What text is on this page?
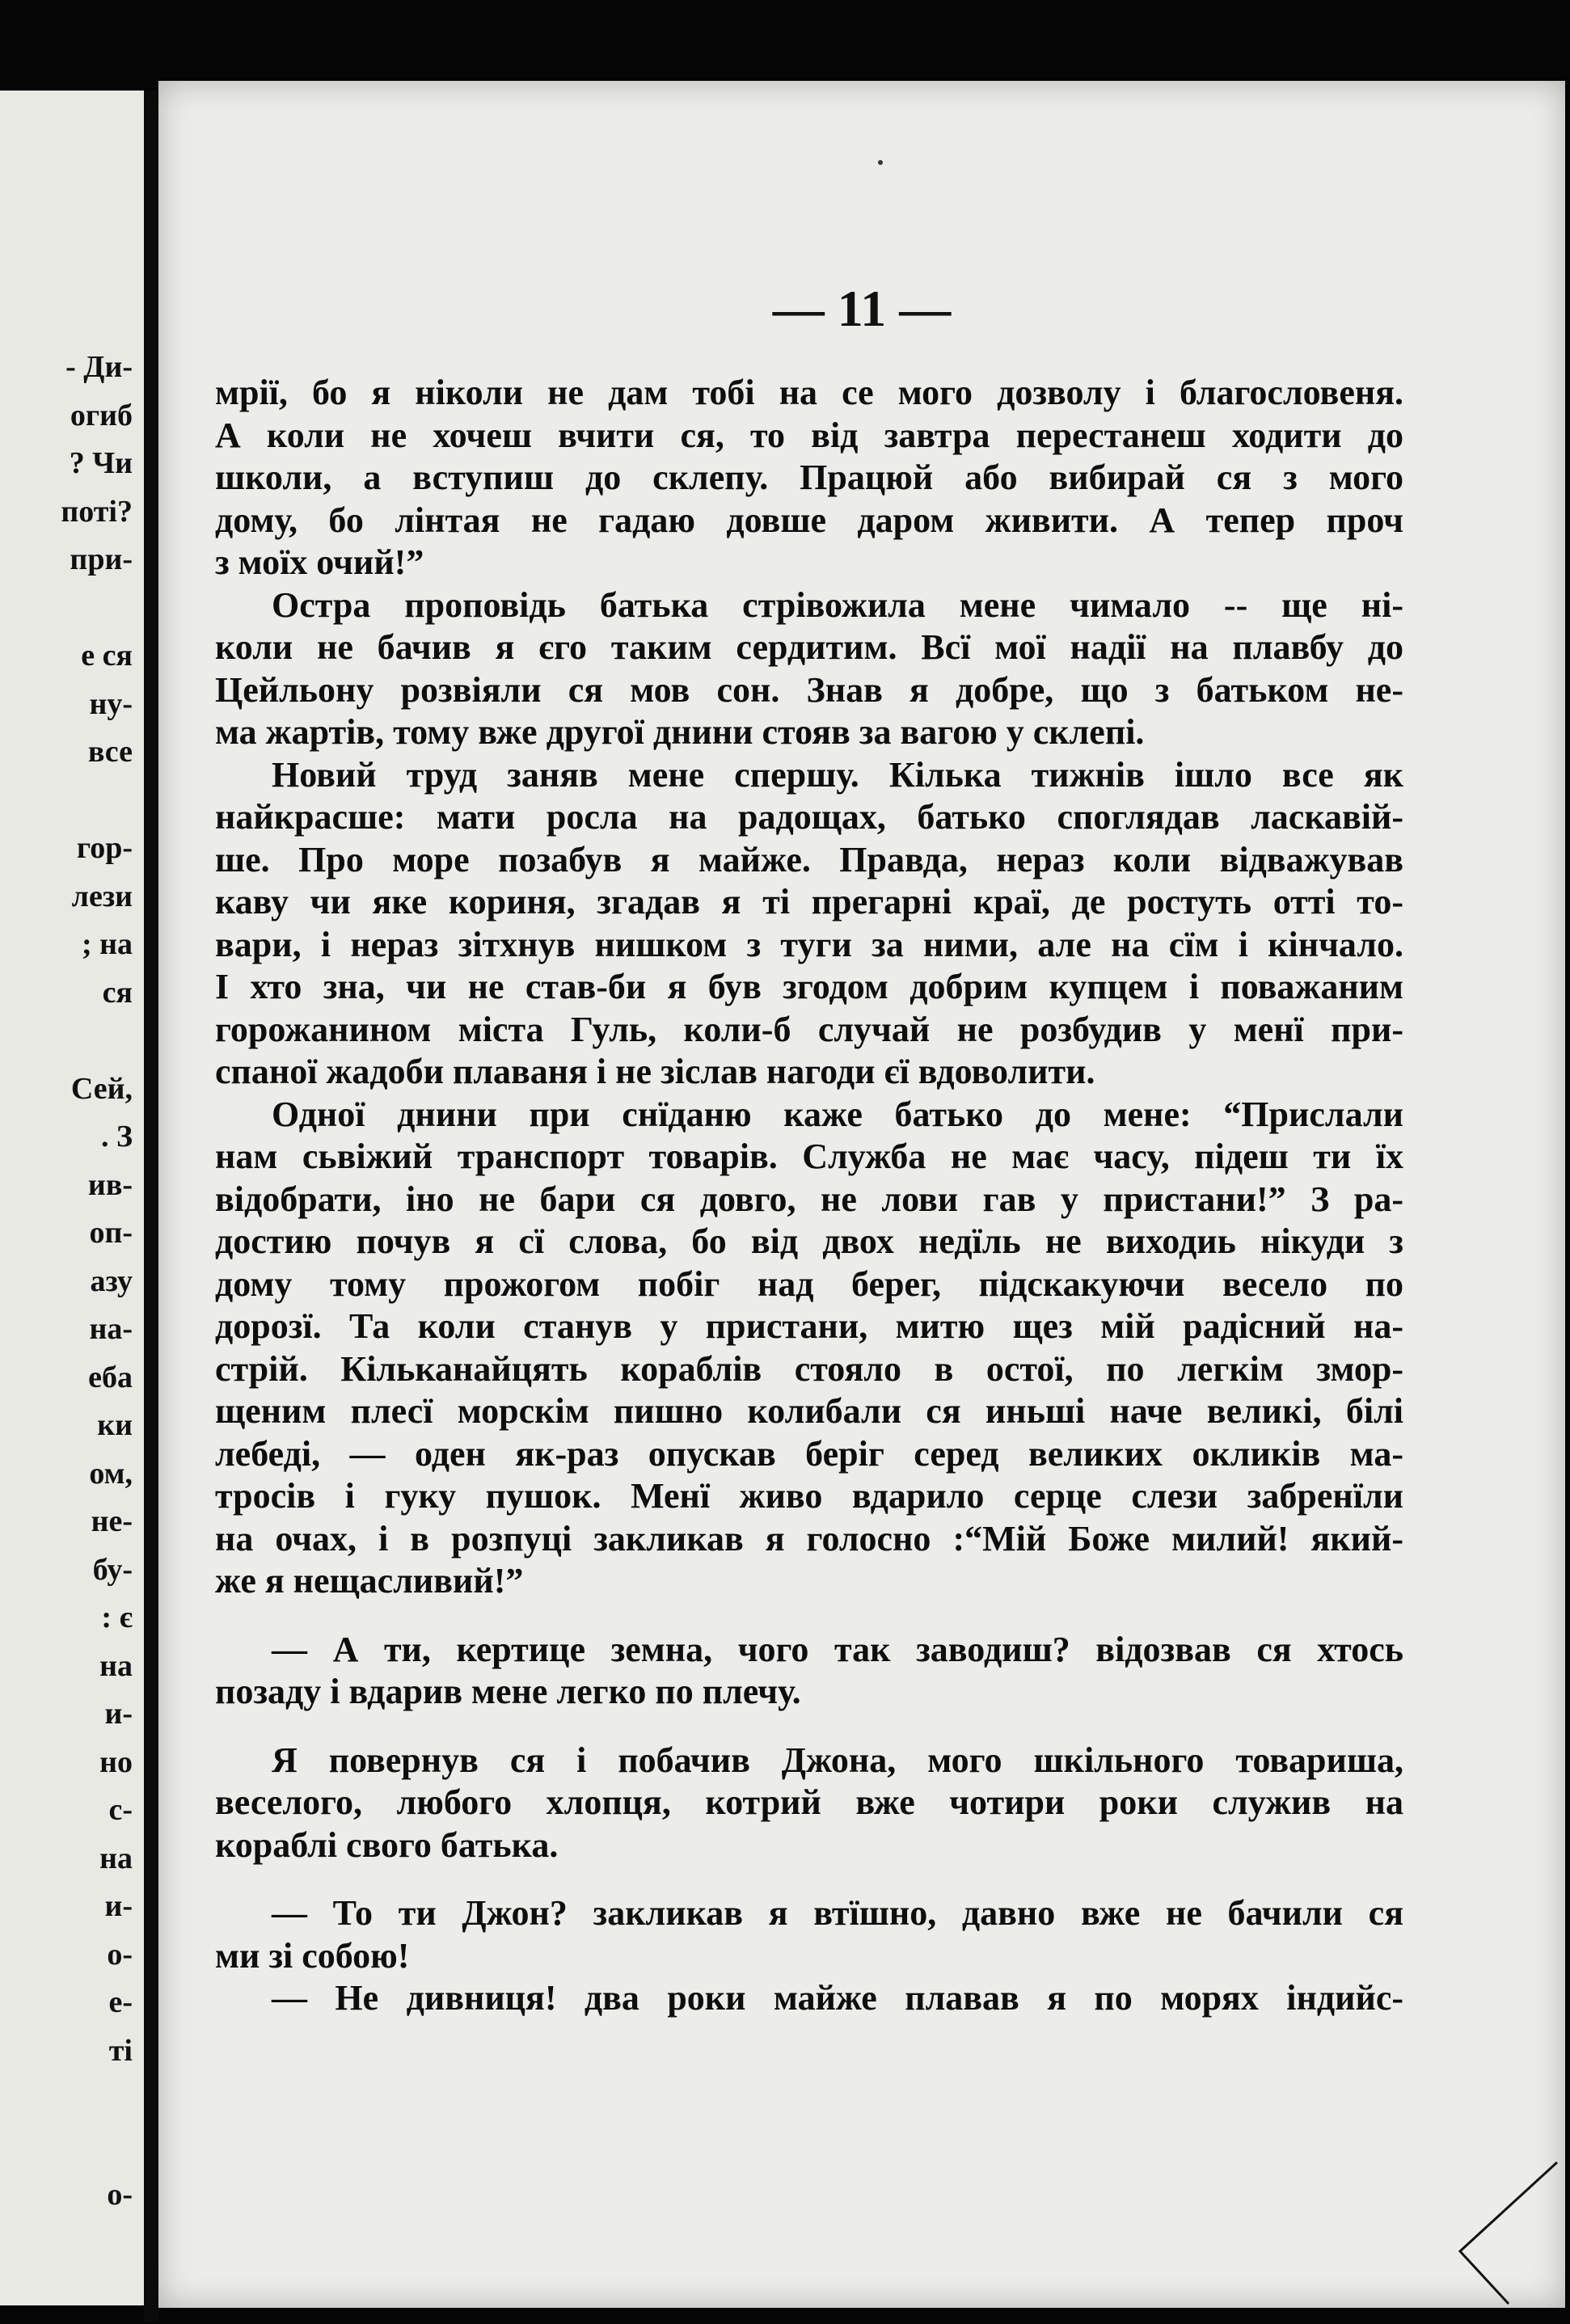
- Ди-
огиб
? Чи
поті?
при-
е ся
ну-
все
гор-
лези
; на
ся
Сей,
. З
ив-
оп-
азу
на-
еба
ки
ом,
не-
бу-
: є
на
и-
но
с-
на
и-
о-
е-
ті
о-
— 11 —
мрії, бо я ніколи не дам тобі на се мого дозволу і благословеня.
А коли не хочеш вчити ся, то від завтра перестанеш ходити до
школи, а вступиш до склепу. Працюй або вибирай ся з мого
дому, бо лінтая не гадаю довше даром живити. А тепер проч
з моїх очий!”
Остра проповідь батька стрівожила мене чимало -- ще ні-
коли не бачив я єго таким сердитим. Всї мої надії на плавбу до
Цейльону розвіяли ся мов сон. Знав я добре, що з батьком не-
ма жартів, тому вже другої днини стояв за вагою у склепі.
Новий труд заняв мене спершу. Кілька тижнів ішло все як
найкрасше: мати росла на радощах, батько споглядав ласкавій-
ше. Про море позабув я майже. Правда, нераз коли відважував
каву чи яке кориня, згадав я ті прегарні краї, де ростуть отті то-
вари, і нераз зітхнув нишком з туги за ними, але на сїм і кінчало.
І хто зна, чи не став-би я був згодом добрим купцем і поважаним
горожанином міста Гуль, коли-б случай не розбудив у менї при-
спаної жадоби плаваня і не зіслав нагоди єї вдоволити.
Одної днини при снїданю каже батько до мене: “Прислали
нам сьвіжий транспорт товарів. Служба не має часу, підеш ти їх
відобрати, іно не бари ся довго, не лови гав у пристани!” З ра-
достию почув я сї слова, бо від двох недїль не виходиь нікуди з
дому тому прожогом побіг над берег, підскакуючи весело по
дорозї. Та коли станув у пристани, митю щез мій радісний на-
стрій. Кільканайцять кораблів стояло в остої, по легкім змор-
щеним плесї морскім пишно колибали ся иньші наче великі, білі
лебеді, — оден як-раз опускав беріг серед великих окликів ма-
тросів і гуку пушок. Менї живо вдарило серце слези забренїли
на очах, і в розпуці закликав я голосно :“Мій Боже милий! який-
же я нещасливий!”
— А ти, кертице земна, чого так заводиш? відозвав ся хтось
позаду і вдарив мене легко по плечу.
Я повернув ся і побачив Джона, мого шкільного товариша,
веселого, любого хлопця, котрий вже чотири роки служив на
кораблі свого батька.
— То ти Джон? закликав я втїшно, давно вже не бачили ся
ми зі собою!
— Не дивниця! два роки майже плавав я по морях індийс-
